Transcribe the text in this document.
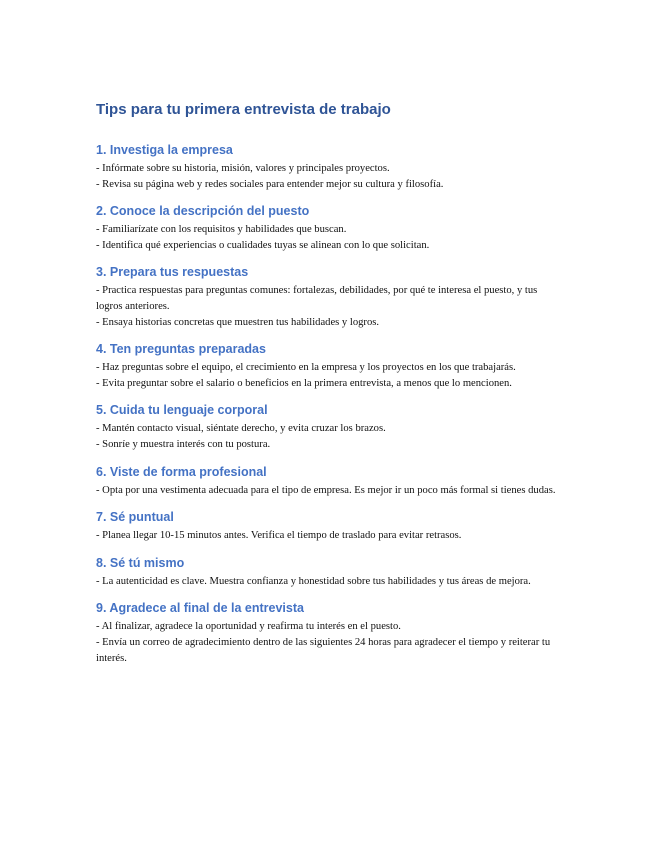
Tips para tu primera entrevista de trabajo
1. Investiga la empresa

- Infórmate sobre su historia, misión, valores y principales proyectos.

- Revisa su página web y redes sociales para entender mejor su cultura y filosofía.

2. Conoce la descripción del puesto

- Familiarízate con los requisitos y habilidades que buscan.

- Identifica qué experiencias o cualidades tuyas se alinean con lo que solicitan.

3. Prepara tus respuestas

- Practica respuestas para preguntas comunes: fortalezas, debilidades, por qué te interesa el puesto, y tus logros anteriores.

- Ensaya historias concretas que muestren tus habilidades y logros.

4. Ten preguntas preparadas

- Haz preguntas sobre el equipo, el crecimiento en la empresa y los proyectos en los que trabajarás.

- Evita preguntar sobre el salario o beneficios en la primera entrevista, a menos que lo mencionen.

5. Cuida tu lenguaje corporal

- Mantén contacto visual, siéntate derecho, y evita cruzar los brazos.

- Sonríe y muestra interés con tu postura.

6. Viste de forma profesional

- Opta por una vestimenta adecuada para el tipo de empresa. Es mejor ir un poco más formal si tienes dudas.

7. Sé puntual

- Planea llegar 10-15 minutos antes. Verifica el tiempo de traslado para evitar retrasos.

8. Sé tú mismo

- La autenticidad es clave. Muestra confianza y honestidad sobre tus habilidades y tus áreas de mejora.

9. Agradece al final de la entrevista

- Al finalizar, agradece la oportunidad y reafirma tu interés en el puesto.

- Envía un correo de agradecimiento dentro de las siguientes 24 horas para agradecer el tiempo y reiterar tu interés.
